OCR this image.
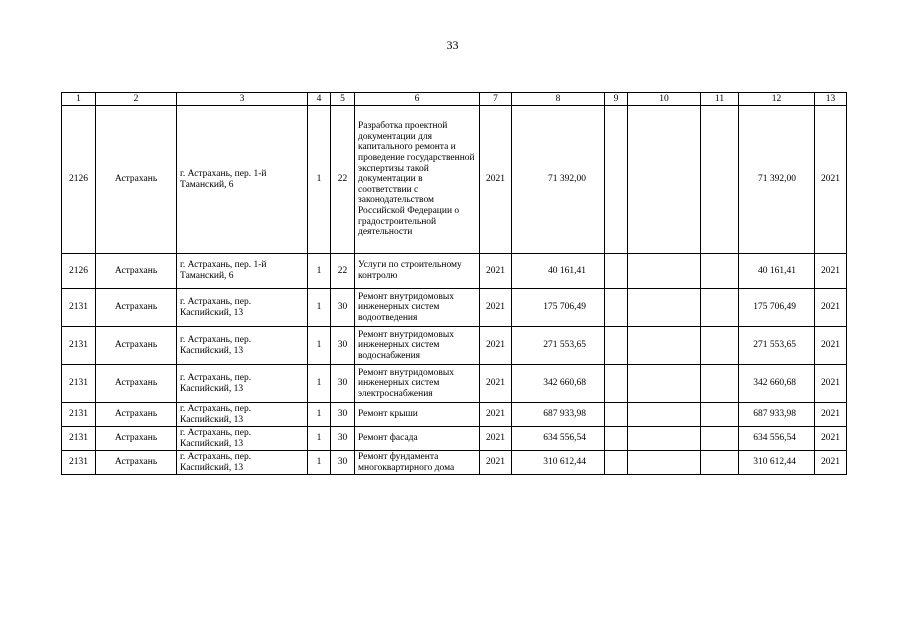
33
1	2	3	4	5	6	7	8	9	10	11	12	13
2126	Астрахань	г. Астрахань, пер. 1-й Таманский, 6	1	22	Разработка проектной документации для капитального ремонта и проведение государственной экспертизы такой документации в соответствии с законодательством Российской Федерации о градостроительной деятельности	2021	71 392,00				71 392,00	2021
2126	Астрахань	г. Астрахань, пер. 1-й Таманский, 6	1	22	Услуги по строительному контролю	2021	40 161,41				40 161,41	2021
2131	Астрахань	г. Астрахань, пер. Каспийский, 13	1	30	Ремонт внутридомовых инженерных систем водоотведения	2021	175 706,49				175 706,49	2021
2131	Астрахань	г. Астрахань, пер. Каспийский, 13	1	30	Ремонт внутридомовых инженерных систем водоснабжения	2021	271 553,65				271 553,65	2021
2131	Астрахань	г. Астрахань, пер. Каспийский, 13	1	30	Ремонт внутридомовых инженерных систем электроснабжения	2021	342 660,68				342 660,68	2021
2131	Астрахань	г. Астрахань, пер. Каспийский, 13	1	30	Ремонт крыши	2021	687 933,98				687 933,98	2021
2131	Астрахань	г. Астрахань, пер. Каспийский, 13	1	30	Ремонт фасада	2021	634 556,54				634 556,54	2021
2131	Астрахань	г. Астрахань, пер. Каспийский, 13	1	30	Ремонт фундамента многоквартирного дома	2021	310 612,44				310 612,44	2021
